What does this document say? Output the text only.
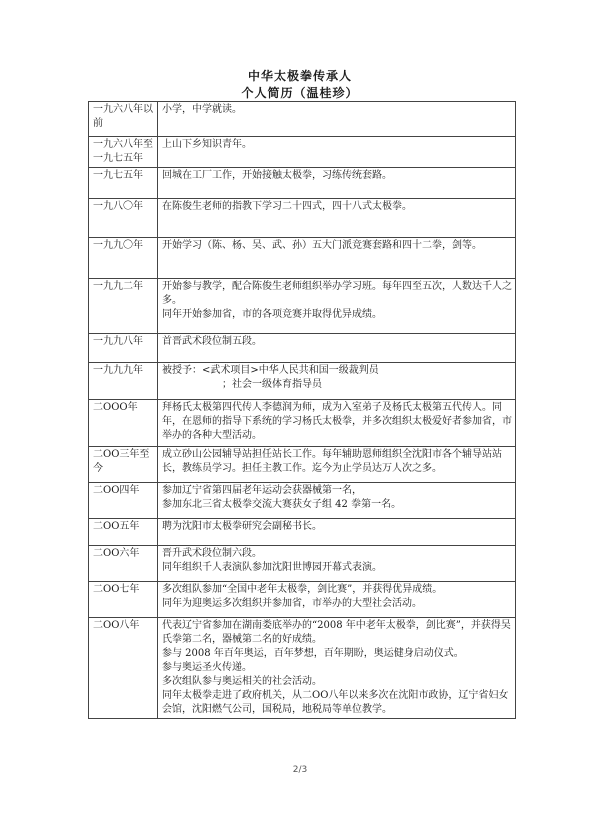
中华太极拳传承人
个人简历（温桂珍）
一九六八年以前	小学，中学就读。

一九六八年至一九七五年	上山下乡知识青年。

一九七五年	回城在工厂工作，开始接触太极拳，习练传统套路。

一九八〇年	在陈俊生老师的指教下学习二十四式，四十八式太极拳。

一九九〇年	开始学习（陈、杨、吴、武、孙）五大门派竞赛套路和四十二拳，剑等。

一九九二年	开始参与教学，配合陈俊生老师组织举办学习班。每年四至五次，人数达千人之多。

同年开始参加省，市的各项竞赛并取得优异成绩。

一九九八年	首晋武术段位制五段。

一九九九年	被授予：<武术项目>中华人民共和国一级裁判员

；社会一级体育指导员

二OOO年	拜杨氏太极第四代传人李德润为师，成为入室弟子及杨氏太极第五代传人。同年，在恩师的指导下系统的学习杨氏太极拳，并多次组织太极爱好者参加省，市举办的各种大型活动。

二OO三年至今	成立砂山公园辅导站担任站长工作。每年辅助恩师组织全沈阳市各个辅导站站长，教练员学习。担任主教工作。迄今为止学员达万人次之多。

二OO四年	参加辽宁省第四届老年运动会获器械第一名，

参加东北三省太极拳交流大赛获女子组 42 拳第一名。

二OO五年	聘为沈阳市太极拳研究会副秘书长。

二OO六年	晋升武术段位制六段。

同年组织千人表演队参加沈阳世博园开幕式表演。

二OO七年	多次组队参加“全国中老年太极拳，剑比赛”，并获得优异成绩。

同年为迎奥运多次组织并参加省，市举办的大型社会活动。

二OO八年	代表辽宁省参加在湖南娄底举办的“2008 年中老年太极拳，剑比赛”，并获得吴氏拳第二名，器械第二名的好成绩。

参与 2008 年百年奥运，百年梦想，百年期盼，奥运健身启动仪式。

参与奥运圣火传递。

多次组队参与奥运相关的社会活动。

同年太极拳走进了政府机关，从二OO八年以来多次在沈阳市政协，辽宁省妇女会馆，沈阳燃气公司，国税局，地税局等单位教学。

2/3
